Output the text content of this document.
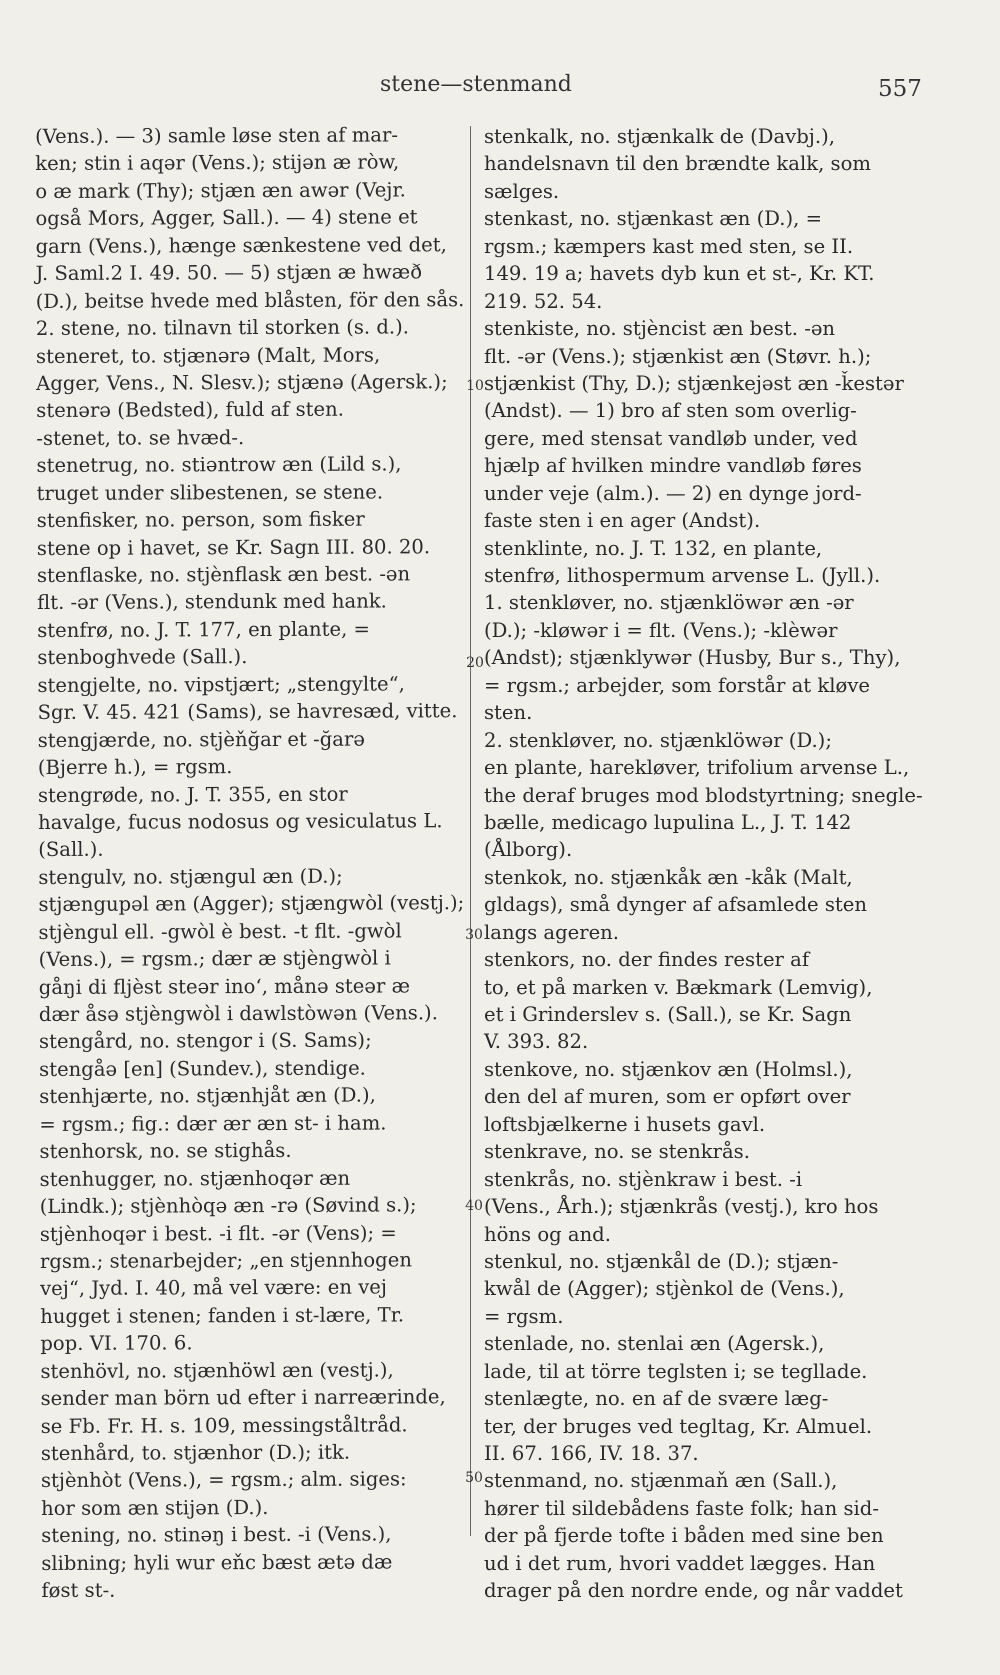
stene—stenmand	557
(Vens.). — 3) samle løse sten af mar-
ken; stin i aqər (Vens.); stijən æ ròw,
o æ mark (Thy); stjæn æn awər (Vejr.
også Mors, Agger, Sall.). — 4) stene et
garn (Vens.), hænge sænkestene ved det,
J. Saml.2 I. 49. 50. — 5) stjæn æ hwæð
(D.), beitse hvede med blåsten, för den sås.
2. stene, no. tilnavn til storken (s. d.).
steneret, to. stjænərə (Malt, Mors,
Agger, Vens., N. Slesv.); stjænə (Agersk.);
stenərə (Bedsted), fuld af sten.
-stenet, to. se hvæd-.
stenetrug, no. stiəntrow æn (Lild s.),
truget under slibestenen, se stene.
stenfisker, no. person, som fisker
stene op i havet, se Kr. Sagn III. 80. 20.
stenflaske, no. stjènflask æn best. -ən
flt. -ər (Vens.), stendunk med hank.
stenfrø, no. J. T. 177, en plante, =
stenboghvede (Sall.).
stengjelte, no. vipstjært; „stengylte“,
Sgr. V. 45. 421 (Sams), se havresæd, vitte.
stengjærde, no. stjèňğar et -ğarə
(Bjerre h.), = rgsm.
stengrøde, no. J. T. 355, en stor
havalge, fucus nodosus og vesiculatus L.
(Sall.).
stengulv, no. stjængul æn (D.);
stjængupəl æn (Agger); stjængwòl (vestj.);
stjèngul ell. -gwòl è best. -t flt. -gwòl
(Vens.), = rgsm.; dær æ stjèngwòl i
gåŋi di fljèst steər ino‘, månə steər æ
dær åsə stjèngwòl i dawlstòwən (Vens.).
stengård, no. stengor i (S. Sams);
stengåə [en] (Sundev.), stendige.
stenhjærte, no. stjænhjåt æn (D.),
= rgsm.; fig.: dær ær æn st- i ham.
stenhorsk, no. se stighås.
stenhugger, no. stjænhoqər æn
(Lindk.); stjènhòqə æn -rə (Søvind s.);
stjènhoqər i best. -i flt. -ər (Vens); =
rgsm.; stenarbejder; „en stjennhogen
vej“, Jyd. I. 40, må vel være: en vej
hugget i stenen; fanden i st-lære, Tr.
pop. VI. 170. 6.
stenhövl, no. stjænhöwl æn (vestj.),
sender man börn ud efter i narreærinde,
se Fb. Fr. H. s. 109, messingståltråd.
stenhård, to. stjænhor (D.); itk.
stjènhòt (Vens.), = rgsm.; alm. siges:
hor som æn stijən (D.).
stening, no. stinəŋ i best. -i (Vens.),
slibning; hyli wur eňc bæst ætə dæ
føst st-.
stenkalk, no. stjænkalk de (Davbj.),
handelsnavn til den brændte kalk, som
sælges.
stenkast, no. stjænkast æn (D.), =
rgsm.; kæmpers kast med sten, se II.
149. 19 a; havets dyb kun et st-, Kr. KT.
219. 52. 54.
stenkiste, no. stjèncist æn best. -ən
flt. -ər (Vens.); stjænkist æn (Støvr. h.);
stjænkist (Thy, D.); stjænkejəst æn -ǩestər
(Andst). — 1) bro af sten som overlig-
gere, med stensat vandløb under, ved
hjælp af hvilken mindre vandløb føres
under veje (alm.). — 2) en dynge jord-
faste sten i en ager (Andst).
stenklinte, no. J. T. 132, en plante,
stenfrø, lithospermum arvense L. (Jyll.).
1. stenkløver, no. stjænklöwər æn -ər
(D.); -kløwər i = flt. (Vens.); -klèwər
(Andst); stjænklywər (Husby, Bur s., Thy),
= rgsm.; arbejder, som forstår at kløve
sten.
2. stenkløver, no. stjænklöwər (D.);
en plante, harekløver, trifolium arvense L.,
the deraf bruges mod blodstyrtning; snegle-
bælle, medicago lupulina L., J. T. 142
(Ålborg).
stenkok, no. stjænkåk æn -kåk (Malt,
gldags), små dynger af afsamlede sten
langs ageren.
stenkors, no. der findes rester af
to, et på marken v. Bækmark (Lemvig),
et i Grinderslev s. (Sall.), se Kr. Sagn
V. 393. 82.
stenkove, no. stjænkov æn (Holmsl.),
den del af muren, som er opført over
loftsbjælkerne i husets gavl.
stenkrave, no. se stenkrås.
stenkrås, no. stjènkraw i best. -i
(Vens., Årh.); stjænkrås (vestj.), kro hos
höns og and.
stenkul, no. stjænkål de (D.); stjæn-
kwål de (Agger); stjènkol de (Vens.),
= rgsm.
stenlade, no. stenlai æn (Agersk.),
lade, til at törre teglsten i; se tegllade.
stenlægte, no. en af de svære læg-
ter, der bruges ved tegltag, Kr. Almuel.
II. 67. 166, IV. 18. 37.
stenmand, no. stjænmaň æn (Sall.),
hører til sildebådens faste folk; han sid-
der på fjerde tofte i båden med sine ben
ud i det rum, hvori vaddet lægges. Han
drager på den nordre ende, og når vaddet
10
20
30
40
50
